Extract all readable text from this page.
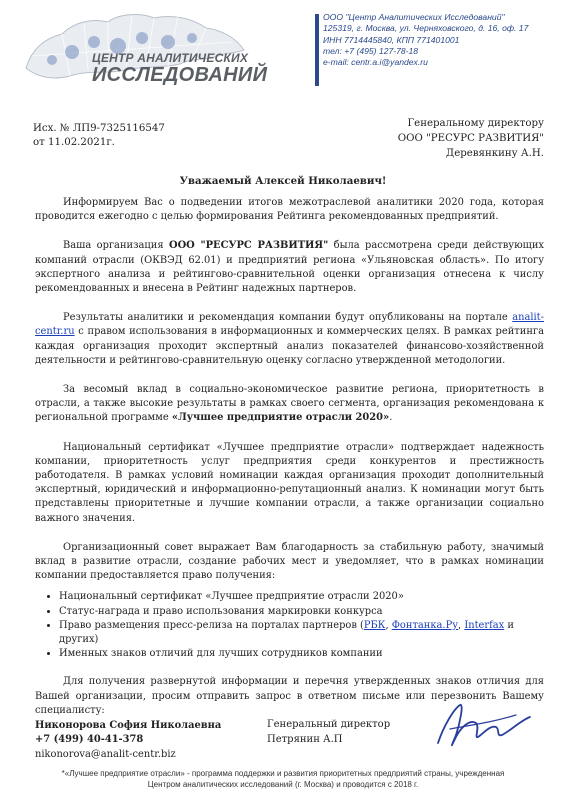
ЦЕНТР АНАЛИТИЧЕСКИХ
ИССЛЕДОВАНИЙ
ООО "Центр Аналитических Исследований"
125319, г. Москва, ул. Черняховского, д. 16, оф. 17
ИНН 7714445840, КПП 771401001
тел: +7 (495) 127-78-18
e-mail: centr.a.i@yandex.ru
Исх. № ЛП9-7325116547
от 11.02.2021г.
Генеральному директору
ООО "РЕСУРС РАЗВИТИЯ"
Деревянкину А.Н.
Уважаемый Алексей Николаевич!

Информируем Вас о подведении итогов межотраслевой аналитики 2020 года, которая проводится ежегодно с целью формирования Рейтинга рекомендованных предприятий.

Ваша организация ООО "РЕСУРС РАЗВИТИЯ" была рассмотрена среди действующих компаний отрасли (ОКВЭД 62.01) и предприятий региона «Ульяновская область». По итогу экспертного анализа и рейтингово-сравнительной оценки организация отнесена к числу рекомендованных и внесена в Рейтинг надежных партнеров.

Результаты аналитики и рекомендация компании будут опубликованы на портале analit-centr.ru с правом использования в информационных и коммерческих целях. В рамках рейтинга каждая организация проходит экспертный анализ показателей финансово-хозяйственной деятельности и рейтингово-сравнительную оценку согласно утвержденной методологии.

За весомый вклад в социально-экономическое развитие региона, приоритетность в отрасли, а также высокие результаты в рамках своего сегмента, организация рекомендована к региональной программе «Лучшее предприятие отрасли 2020».

Национальный сертификат «Лучшее предприятие отрасли» подтверждает надежность компании, приоритетность услуг предприятия среди конкурентов и престижность работодателя. В рамках условий номинации каждая организация проходит дополнительный экспертный, юридический и информационно-репутационный анализ. К номинации могут быть представлены приоритетные и лучшие компании отрасли, а также организации социально важного значения.

Организационный совет выражает Вам благодарность за стабильную работу, значимый вклад в развитие отрасли, создание рабочих мест и уведомляет, что в рамках номинации компании предоставляется право получения:

• Национальный сертификат «Лучшее предприятие отрасли 2020»
• Статус-награда и право использования маркировки конкурса
• Право размещения пресс-релиза на порталах партнеров (РБК, Фонтанка.Ру, Interfax и других)
• Именных знаков отличий для лучших сотрудников компании

Для получения развернутой информации и перечня утвержденных знаков отличия для Вашей организации, просим отправить запрос в ответном письме или перезвонить Вашему специалисту:

Никонорова София Николаевна
+7 (499) 40-41-378
nikonorova@analit-centr.biz
Генеральный директор
Петрянин А.П
*«Лучшее предприятие отрасли» - программа поддержки и развития приоритетных предприятий страны, учрежденная
Центром аналитических исследований (г. Москва) и проводится с 2018 г.
